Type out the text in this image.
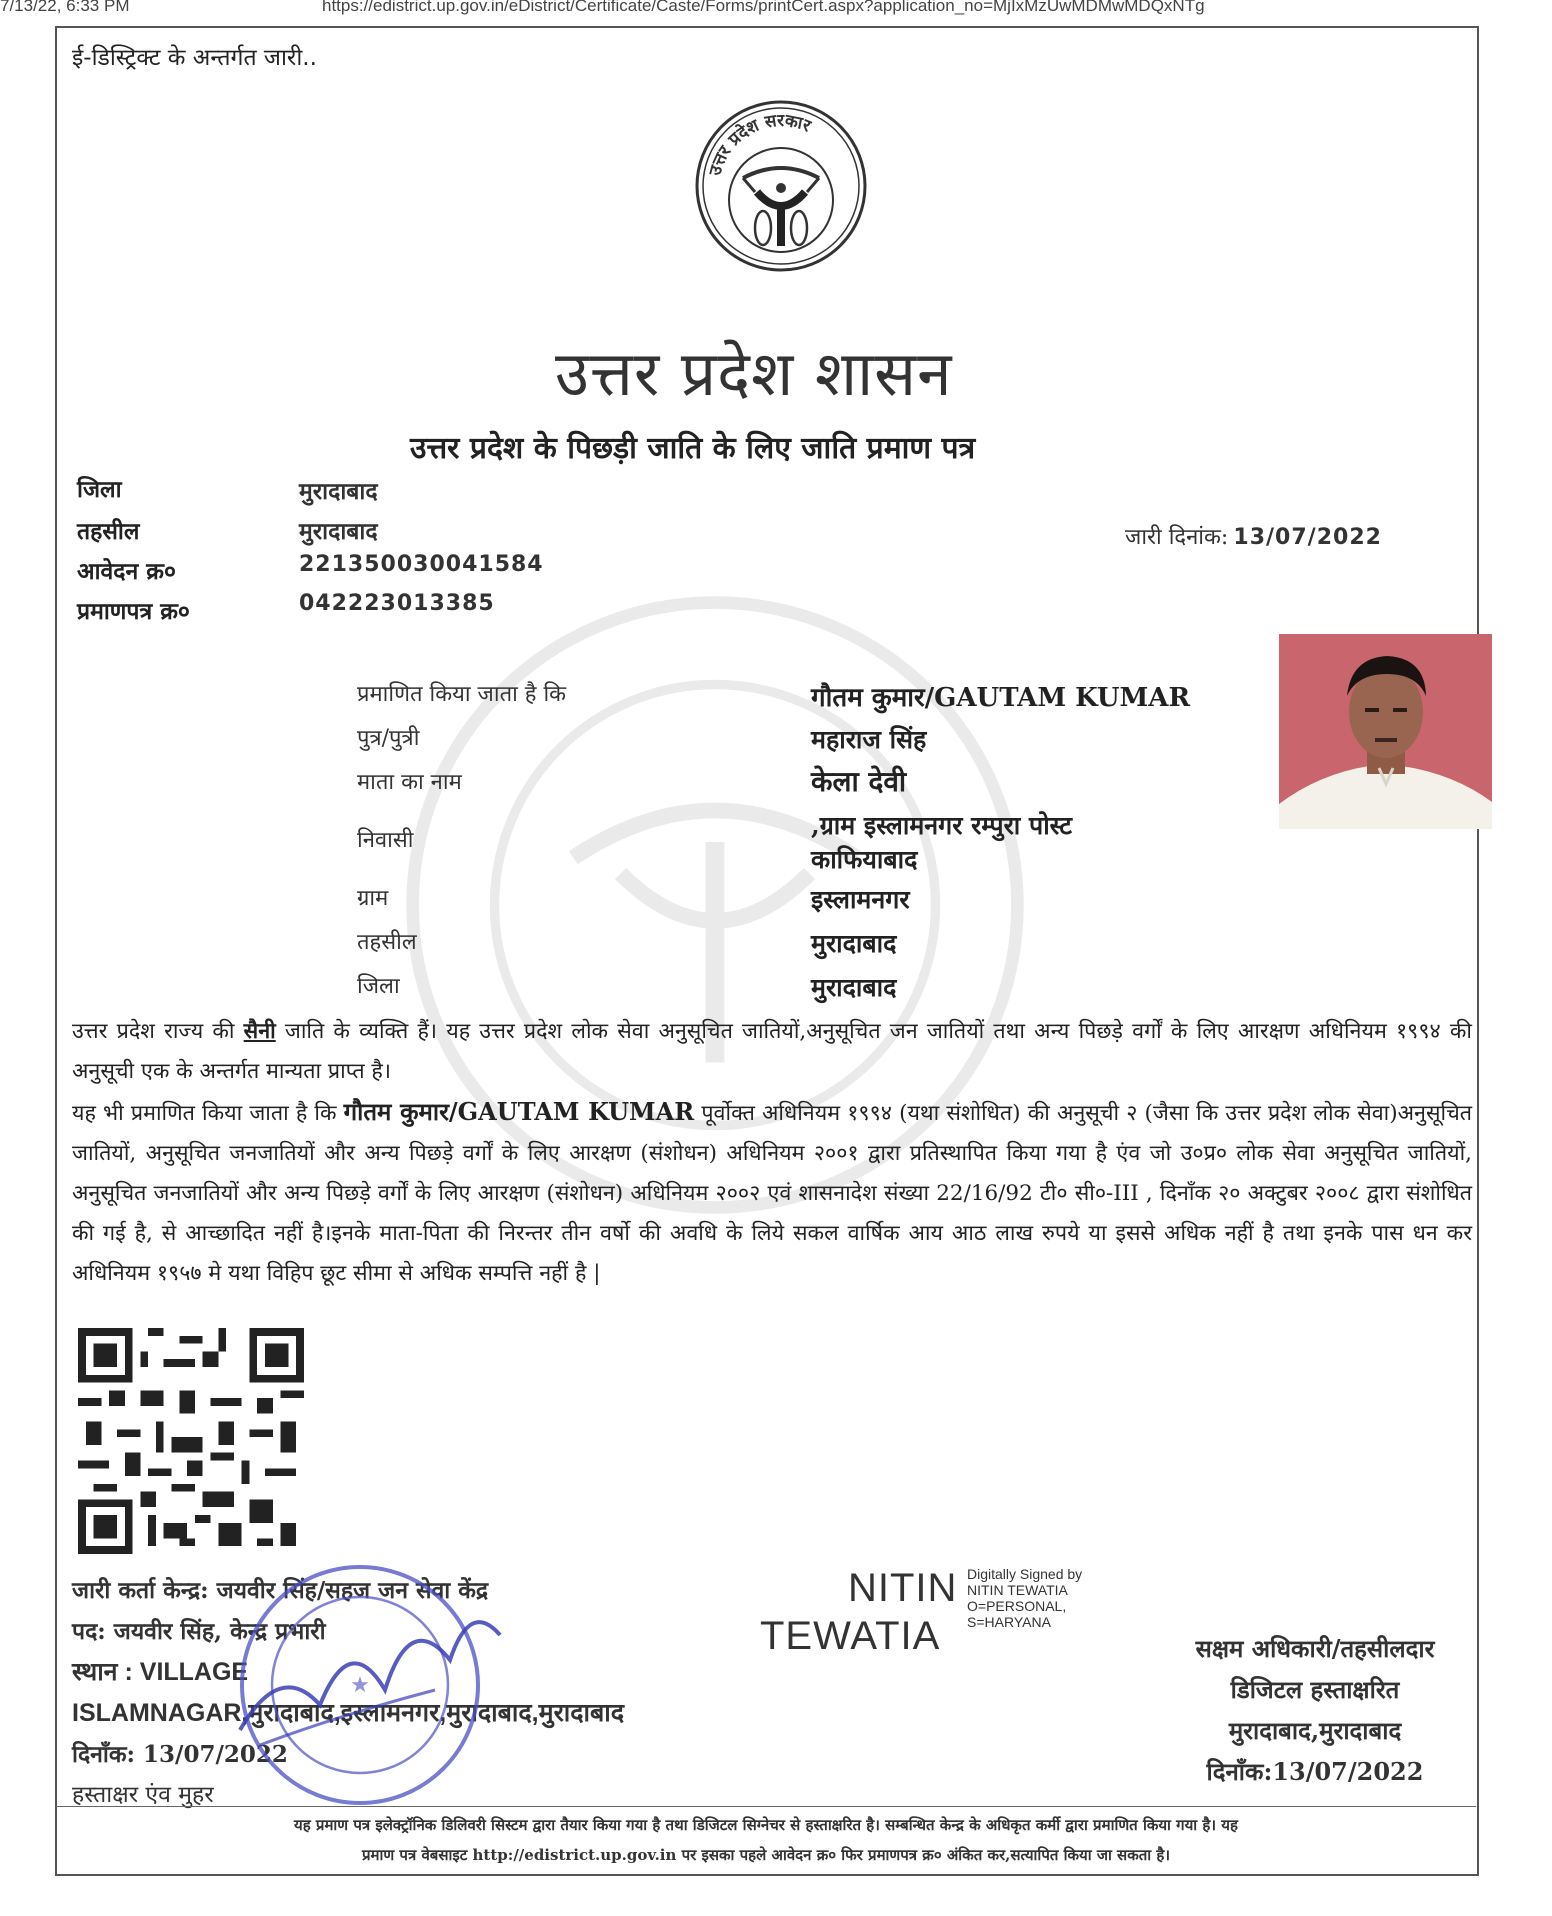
7/13/22, 6:33 PM	https://edistrict.up.gov.in/eDistrict/Certificate/Caste/Forms/printCert.aspx?application_no=MjIxMzUwMDMwMDQxNTg
ई-डिस्ट्रिक्ट के अन्तर्गत जारी..
उत्तर प्रदेश सरकार
उत्तर प्रदेश शासन
उत्तर प्रदेश के पिछड़ी जाति के लिए जाति प्रमाण पत्र
जिला	मुरादाबाद
तहसील	मुरादाबाद
आवेदन क्र०	221350030041584
प्रमाणपत्र क्र०	042223013385
जारी दिनांक: 13/07/2022
प्रमाणित किया जाता है कि	गौतम कुमार/GAUTAM KUMAR
पुत्र/पुत्री	महाराज सिंह
माता का नाम	केला देवी
निवासी
,ग्राम इस्लामनगर रम्पुरा पोस्ट
काफियाबाद
ग्राम	इस्लामनगर
तहसील	मुरादाबाद
जिला	मुरादाबाद
उत्तर प्रदेश राज्य की सैनी जाति के व्यक्ति हैं। यह उत्तर प्रदेश लोक सेवा अनुसूचित जातियों,अनुसूचित जन जातियों तथा अन्य पिछड़े वर्गों के लिए आरक्षण अधिनियम १९९४ की अनुसूची एक के अन्तर्गत मान्यता प्राप्त है।
यह भी प्रमाणित किया जाता है कि गौतम कुमार/GAUTAM KUMAR पूर्वोक्त अधिनियम १९९४ (यथा संशोधित) की अनुसूची २ (जैसा कि उत्तर प्रदेश लोक सेवा)अनुसूचित जातियों, अनुसूचित जनजातियों और अन्य पिछड़े वर्गों के लिए आरक्षण (संशोधन) अधिनियम २००१ द्वारा प्रतिस्थापित किया गया है एंव जो उ०प्र० लोक सेवा अनुसूचित जातियों, अनुसूचित जनजातियों और अन्य पिछड़े वर्गों के लिए आरक्षण (संशोधन) अधिनियम २००२ एवं शासनादेश संख्या 22/16/92 टी० सी०-III , दिनाँक २० अक्टुबर २००८ द्वारा संशोधित की गई है, से आच्छादित नहीं है।इनके माता-पिता की निरन्तर तीन वर्षो की अवधि के लिये सकल वार्षिक आय आठ लाख रुपये या इससे अधिक नहीं है तथा इनके पास धन कर अधिनियम १९५७ मे यथा विहिप छूट सीमा से अधिक सम्पत्ति नहीं है |
जारी कर्ता केन्द्र: जयवीर सिंह/सहज जन सेवा केंद्र
पद: जयवीर सिंह, केन्द्र प्रभारी
स्थान : VILLAGE
ISLAMNAGAR,मुरादाबाद,इस्लामनगर,मुरादाबाद,मुरादाबाद
दिनाँक: 13/07/2022
हस्ताक्षर एंव मुहर
★
NITIN
TEWATIA
Digitally Signed by
NITIN TEWATIA
O=PERSONAL,
S=HARYANA
सक्षम अधिकारी/तहसीलदार
डिजिटल हस्ताक्षरित
मुरादाबाद,मुरादाबाद
दिनाँक:13/07/2022
यह प्रमाण पत्र इलेक्ट्रॉनिक डिलिवरी सिस्टम द्वारा तैयार किया गया है तथा डिजिटल सिग्नेचर से हस्ताक्षरित है। सम्बन्धित केन्द्र के अधिकृत कर्मी द्वारा प्रमाणित किया गया है। यह
प्रमाण पत्र वेबसाइट http://edistrict.up.gov.in पर इसका पहले आवेदन क्र० फिर प्रमाणपत्र क्र० अंकित कर,सत्यापित किया जा सकता है।
